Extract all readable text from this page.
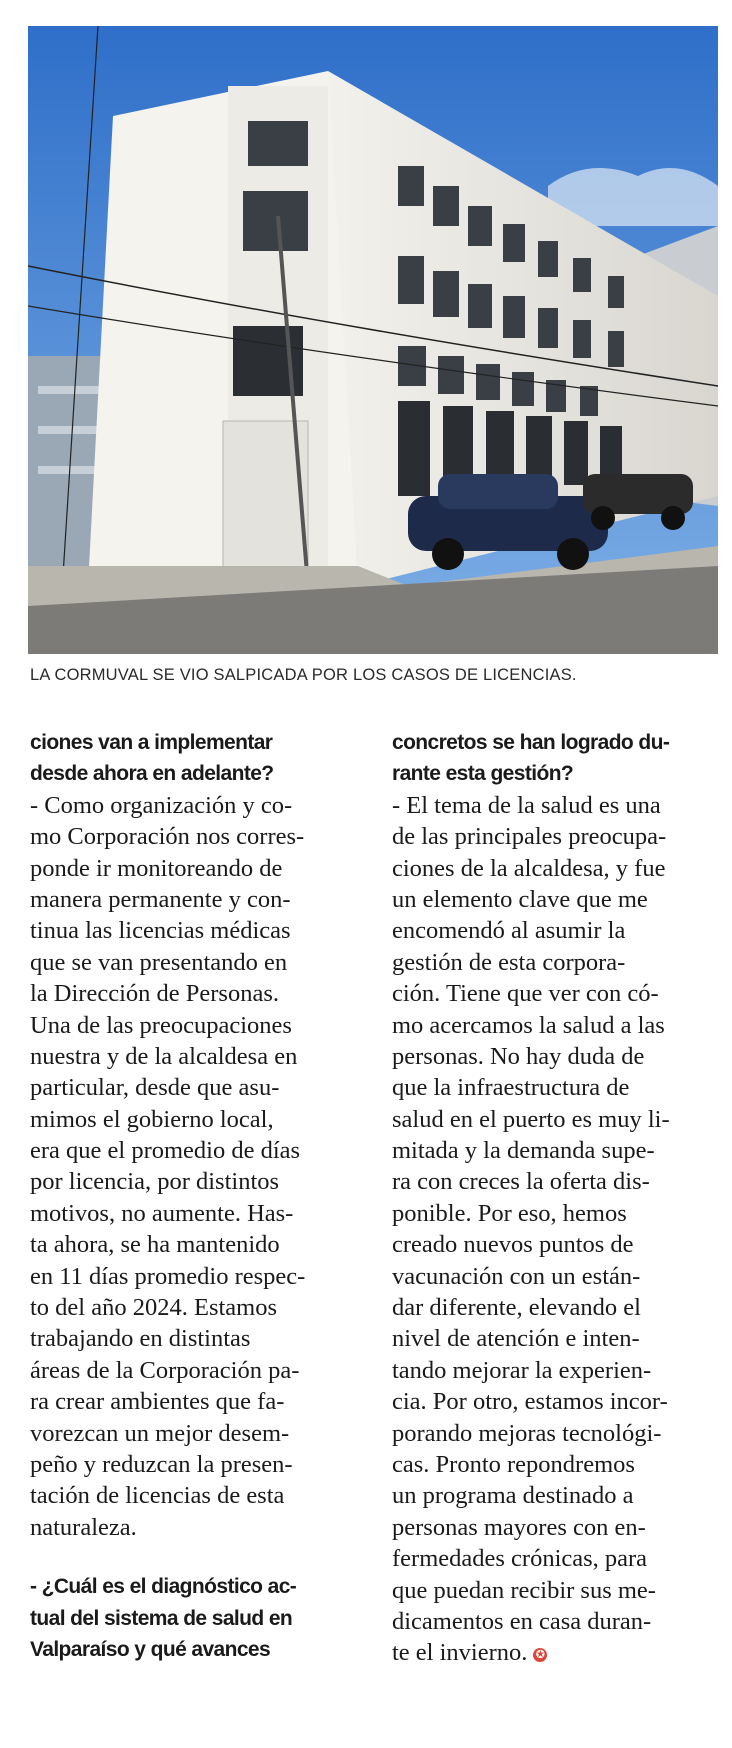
LA CORMUVAL SE VIO SALPICADA POR LOS CASOS DE LICENCIAS.
ciones van a implementar
desde ahora en adelante?
- Como organización y co-
mo Corporación nos corres-
ponde ir monitoreando de
manera permanente y con-
tinua las licencias médicas
que se van presentando en
la Dirección de Personas.
Una de las preocupaciones
nuestra y de la alcaldesa en
particular, desde que asu-
mimos el gobierno local,
era que el promedio de días
por licencia, por distintos
motivos, no aumente. Has-
ta ahora, se ha mantenido
en 11 días promedio respec-
to del año 2024. Estamos
trabajando en distintas
áreas de la Corporación pa-
ra crear ambientes que fa-
vorezcan un mejor desem-
peño y reduzcan la presen-
tación de licencias de esta
naturaleza.
- ¿Cuál es el diagnóstico ac-
tual del sistema de salud en
Valparaíso y qué avances
concretos se han logrado du-
rante esta gestión?
- El tema de la salud es una
de las principales preocupa-
ciones de la alcaldesa, y fue
un elemento clave que me
encomendó al asumir la
gestión de esta corpora-
ción. Tiene que ver con có-
mo acercamos la salud a las
personas. No hay duda de
que la infraestructura de
salud en el puerto es muy li-
mitada y la demanda supe-
ra con creces la oferta dis-
ponible. Por eso, hemos
creado nuevos puntos de
vacunación con un están-
dar diferente, elevando el
nivel de atención e inten-
tando mejorar la experien-
cia. Por otro, estamos incor-
porando mejoras tecnológi-
cas. Pronto repondremos
un programa destinado a
personas mayores con en-
fermedades crónicas, para
que puedan recibir sus me-
dicamentos en casa duran-
te el invierno. ✪
